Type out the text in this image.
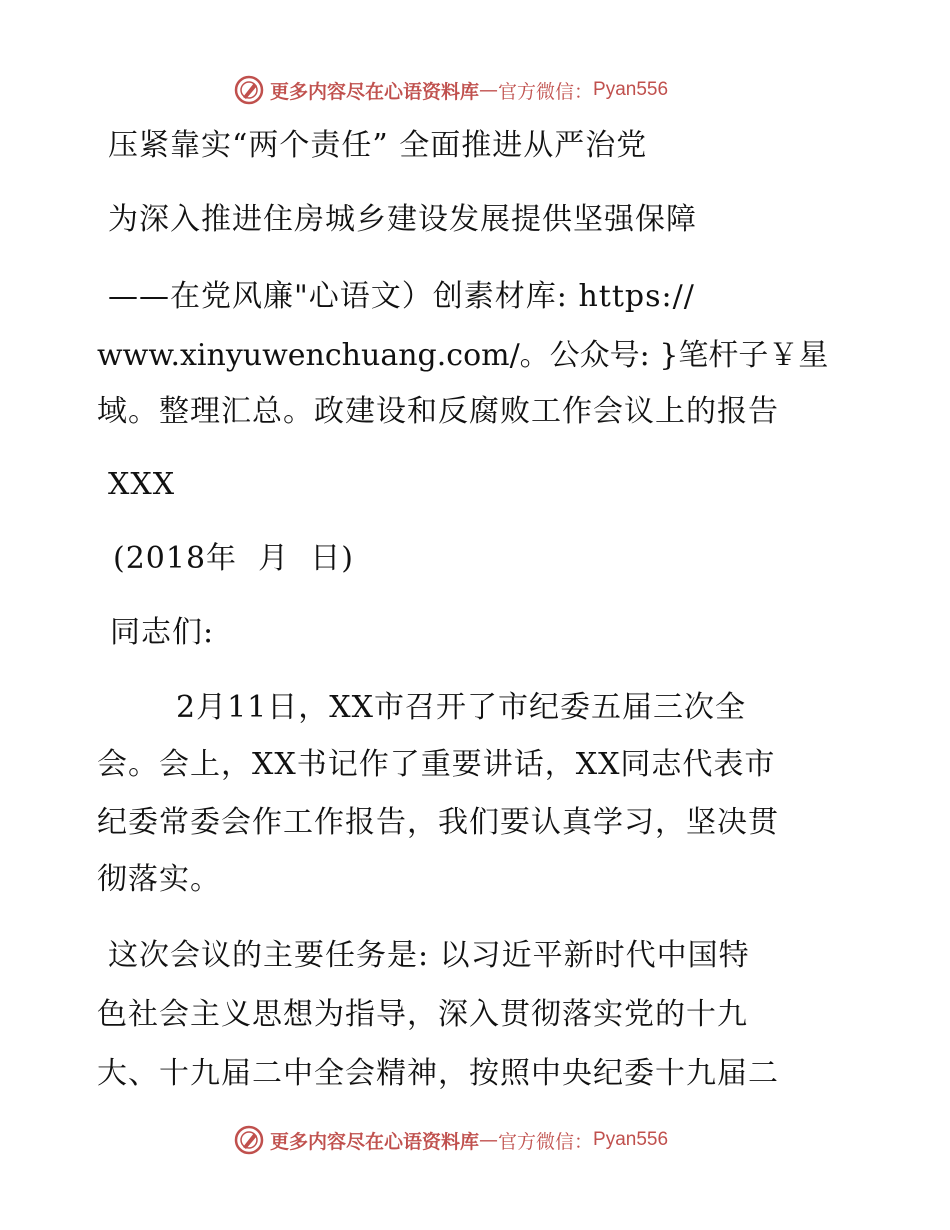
更多内容尽在心语资料库 — 官方微信： Pyan556
压紧靠实“两个责任” 全面推进从严治党
为深入推进住房城乡建设发展提供坚强保障
——在党风廉"心语文）创素材库: https://
www.xinyuwenchuang.com/。公众号: }笔杆子￥星
域。整理汇总。政建设和反腐败工作会议上的报告
XXX
(2018年  月  日)
同志们:
2月11日，XX市召开了市纪委五届三次全
会。会上，XX书记作了重要讲话，XX同志代表市
纪委常委会作工作报告，我们要认真学习，坚决贯
彻落实。
这次会议的主要任务是: 以习近平新时代中国特
色社会主义思想为指导，深入贯彻落实党的十九
大、十九届二中全会精神，按照中央纪委十九届二
更多内容尽在心语资料库 — 官方微信： Pyan556
